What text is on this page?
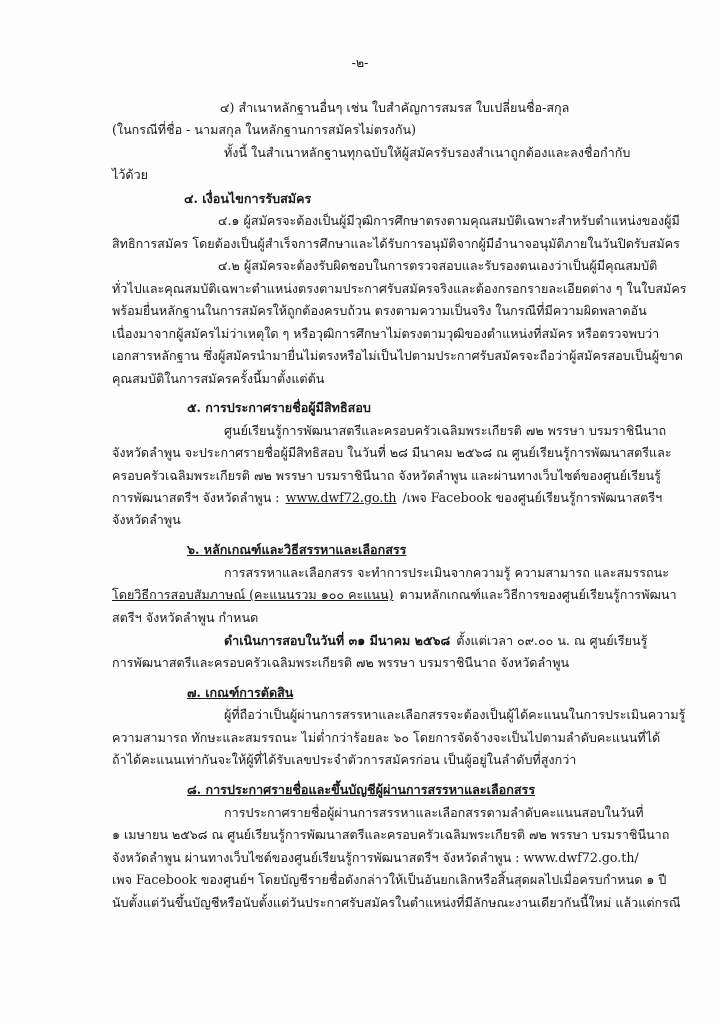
-๒-
๔) สำเนาหลักฐานอื่นๆ เช่น ใบสำคัญการสมรส ใบเปลี่ยนชื่อ-สกุล
(ในกรณีที่ชื่อ - นามสกุล ในหลักฐานการสมัครไม่ตรงกัน)
ทั้งนี้ ในสำเนาหลักฐานทุกฉบับให้ผู้สมัครรับรองสำเนาถูกต้องและลงชื่อกำกับ
ไว้ด้วย
๔. เงื่อนไขการรับสมัคร
๔.๑ ผู้สมัครจะต้องเป็นผู้มีวุฒิการศึกษาตรงตามคุณสมบัติเฉพาะสำหรับตำแหน่งของผู้มี
สิทธิการสมัคร โดยต้องเป็นผู้สำเร็จการศึกษาและได้รับการอนุมัติจากผู้มีอำนาจอนุมัติภายในวันปิดรับสมัคร
๔.๒ ผู้สมัครจะต้องรับผิดชอบในการตรวจสอบและรับรองตนเองว่าเป็นผู้มีคุณสมบัติ
ทั่วไปและคุณสมบัติเฉพาะตำแหน่งตรงตามประกาศรับสมัครจริงและต้องกรอกรายละเอียดต่าง ๆ ในใบสมัคร
พร้อมยื่นหลักฐานในการสมัครให้ถูกต้องครบถ้วน ตรงตามความเป็นจริง ในกรณีที่มีความผิดพลาดอัน
เนื่องมาจากผู้สมัครไม่ว่าเหตุใด ๆ หรือวุฒิการศึกษาไม่ตรงตามวุฒิของตำแหน่งที่สมัคร หรือตรวจพบว่า
เอกสารหลักฐาน ซึ่งผู้สมัครนำมายื่นไม่ตรงหรือไม่เป็นไปตามประกาศรับสมัครจะถือว่าผู้สมัครสอบเป็นผู้ขาด
คุณสมบัติในการสมัครครั้งนี้มาตั้งแต่ต้น
๕. การประกาศรายชื่อผู้มีสิทธิสอบ
ศูนย์เรียนรู้การพัฒนาสตรีและครอบครัวเฉลิมพระเกียรติ ๗๒ พรรษา บรมราชินีนาถ
จังหวัดลำพูน จะประกาศรายชื่อผู้มีสิทธิสอบ ในวันที่ ๒๘ มีนาคม ๒๕๖๘ ณ ศูนย์เรียนรู้การพัฒนาสตรีและ
ครอบครัวเฉลิมพระเกียรติ ๗๒ พรรษา บรมราชินีนาถ จังหวัดลำพูน และผ่านทางเว็บไซต์ของศูนย์เรียนรู้
การพัฒนาสตรีฯ จังหวัดลำพูน : www.dwf72.go.th /เพจ Facebook ของศูนย์เรียนรู้การพัฒนาสตรีฯ
จังหวัดลำพูน
๖. หลักเกณฑ์และวิธีสรรหาและเลือกสรร
การสรรหาและเลือกสรร จะทำการประเมินจากความรู้ ความสามารถ และสมรรถนะ
โดยวิธีการสอบสัมภาษณ์ (คะแนนรวม ๑๐๐ คะแนน) ตามหลักเกณฑ์และวิธีการของศูนย์เรียนรู้การพัฒนา
สตรีฯ จังหวัดลำพูน กำหนด
ดำเนินการสอบในวันที่ ๓๑ มีนาคม ๒๕๖๘ ตั้งแต่เวลา ๐๙.๐๐ น. ณ ศูนย์เรียนรู้
การพัฒนาสตรีและครอบครัวเฉลิมพระเกียรติ ๗๒ พรรษา บรมราชินีนาถ จังหวัดลำพูน
๗. เกณฑ์การตัดสิน
ผู้ที่ถือว่าเป็นผู้ผ่านการสรรหาและเลือกสรรจะต้องเป็นผู้ได้คะแนนในการประเมินความรู้
ความสามารถ ทักษะและสมรรถนะ ไม่ต่ำกว่าร้อยละ ๖๐ โดยการจัดจ้างจะเป็นไปตามลำดับคะแนนที่ได้
ถ้าได้คะแนนเท่ากันจะให้ผู้ที่ได้รับเลขประจำตัวการสมัครก่อน เป็นผู้อยู่ในลำดับที่สูงกว่า
๘. การประกาศรายชื่อและขึ้นบัญชีผู้ผ่านการสรรหาและเลือกสรร
การประกาศรายชื่อผู้ผ่านการสรรหาและเลือกสรรตามลำดับคะแนนสอบในวันที่
๑ เมษายน ๒๕๖๘ ณ ศูนย์เรียนรู้การพัฒนาสตรีและครอบครัวเฉลิมพระเกียรติ ๗๒ พรรษา บรมราชินีนาถ
จังหวัดลำพูน ผ่านทางเว็บไซต์ของศูนย์เรียนรู้การพัฒนาสตรีฯ จังหวัดลำพูน : www.dwf72.go.th/
เพจ Facebook ของศูนย์ฯ โดยบัญชีรายชื่อดังกล่าวให้เป็นอันยกเลิกหรือสิ้นสุดผลไปเมื่อครบกำหนด ๑ ปี
นับตั้งแต่วันขึ้นบัญชีหรือนับตั้งแต่วันประกาศรับสมัครในตำแหน่งที่มีลักษณะงานเดียวกันนี้ใหม่ แล้วแต่กรณี
